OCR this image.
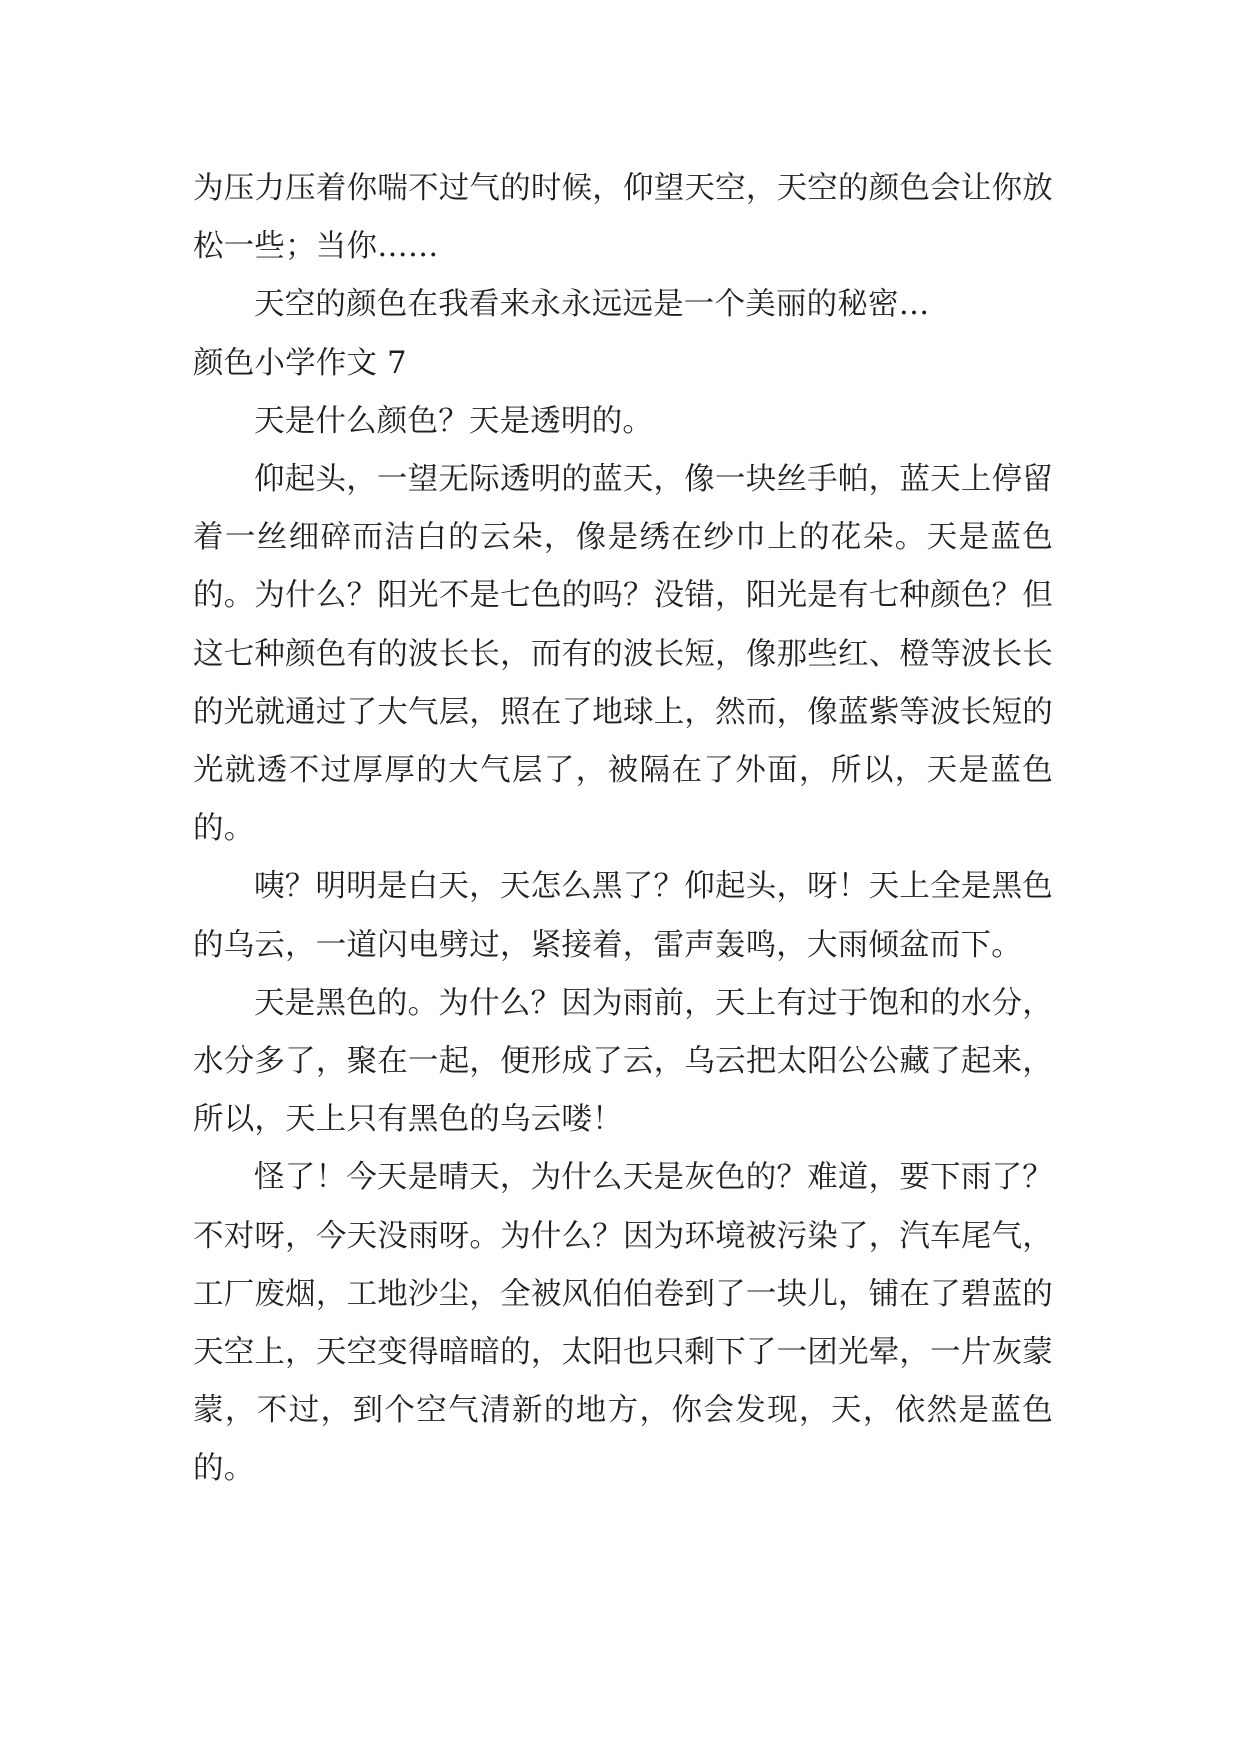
为压力压着你喘不过气的时候，仰望天空，天空的颜色会让你放松一些；当你……

天空的颜色在我看来永永远远是一个美丽的秘密…

颜色小学作文 7

天是什么颜色？天是透明的。

仰起头，一望无际透明的蓝天，像一块丝手帕，蓝天上停留着一丝细碎而洁白的云朵，像是绣在纱巾上的花朵。天是蓝色的。为什么？阳光不是七色的吗？没错，阳光是有七种颜色？但这七种颜色有的波长长，而有的波长短，像那些红、橙等波长长的光就通过了大气层，照在了地球上，然而，像蓝紫等波长短的光就透不过厚厚的大气层了，被隔在了外面，所以，天是蓝色的。

咦？明明是白天，天怎么黑了？仰起头，呀！天上全是黑色的乌云，一道闪电劈过，紧接着，雷声轰鸣，大雨倾盆而下。

天是黑色的。为什么？因为雨前，天上有过于饱和的水分，水分多了，聚在一起，便形成了云，乌云把太阳公公藏了起来，所以，天上只有黑色的乌云喽！

怪了！今天是晴天，为什么天是灰色的？难道，要下雨了？不对呀，今天没雨呀。为什么？因为环境被污染了，汽车尾气，工厂废烟，工地沙尘，全被风伯伯卷到了一块儿，铺在了碧蓝的天空上，天空变得暗暗的，太阳也只剩下了一团光晕，一片灰蒙蒙，不过，到个空气清新的地方，你会发现，天，依然是蓝色的。
